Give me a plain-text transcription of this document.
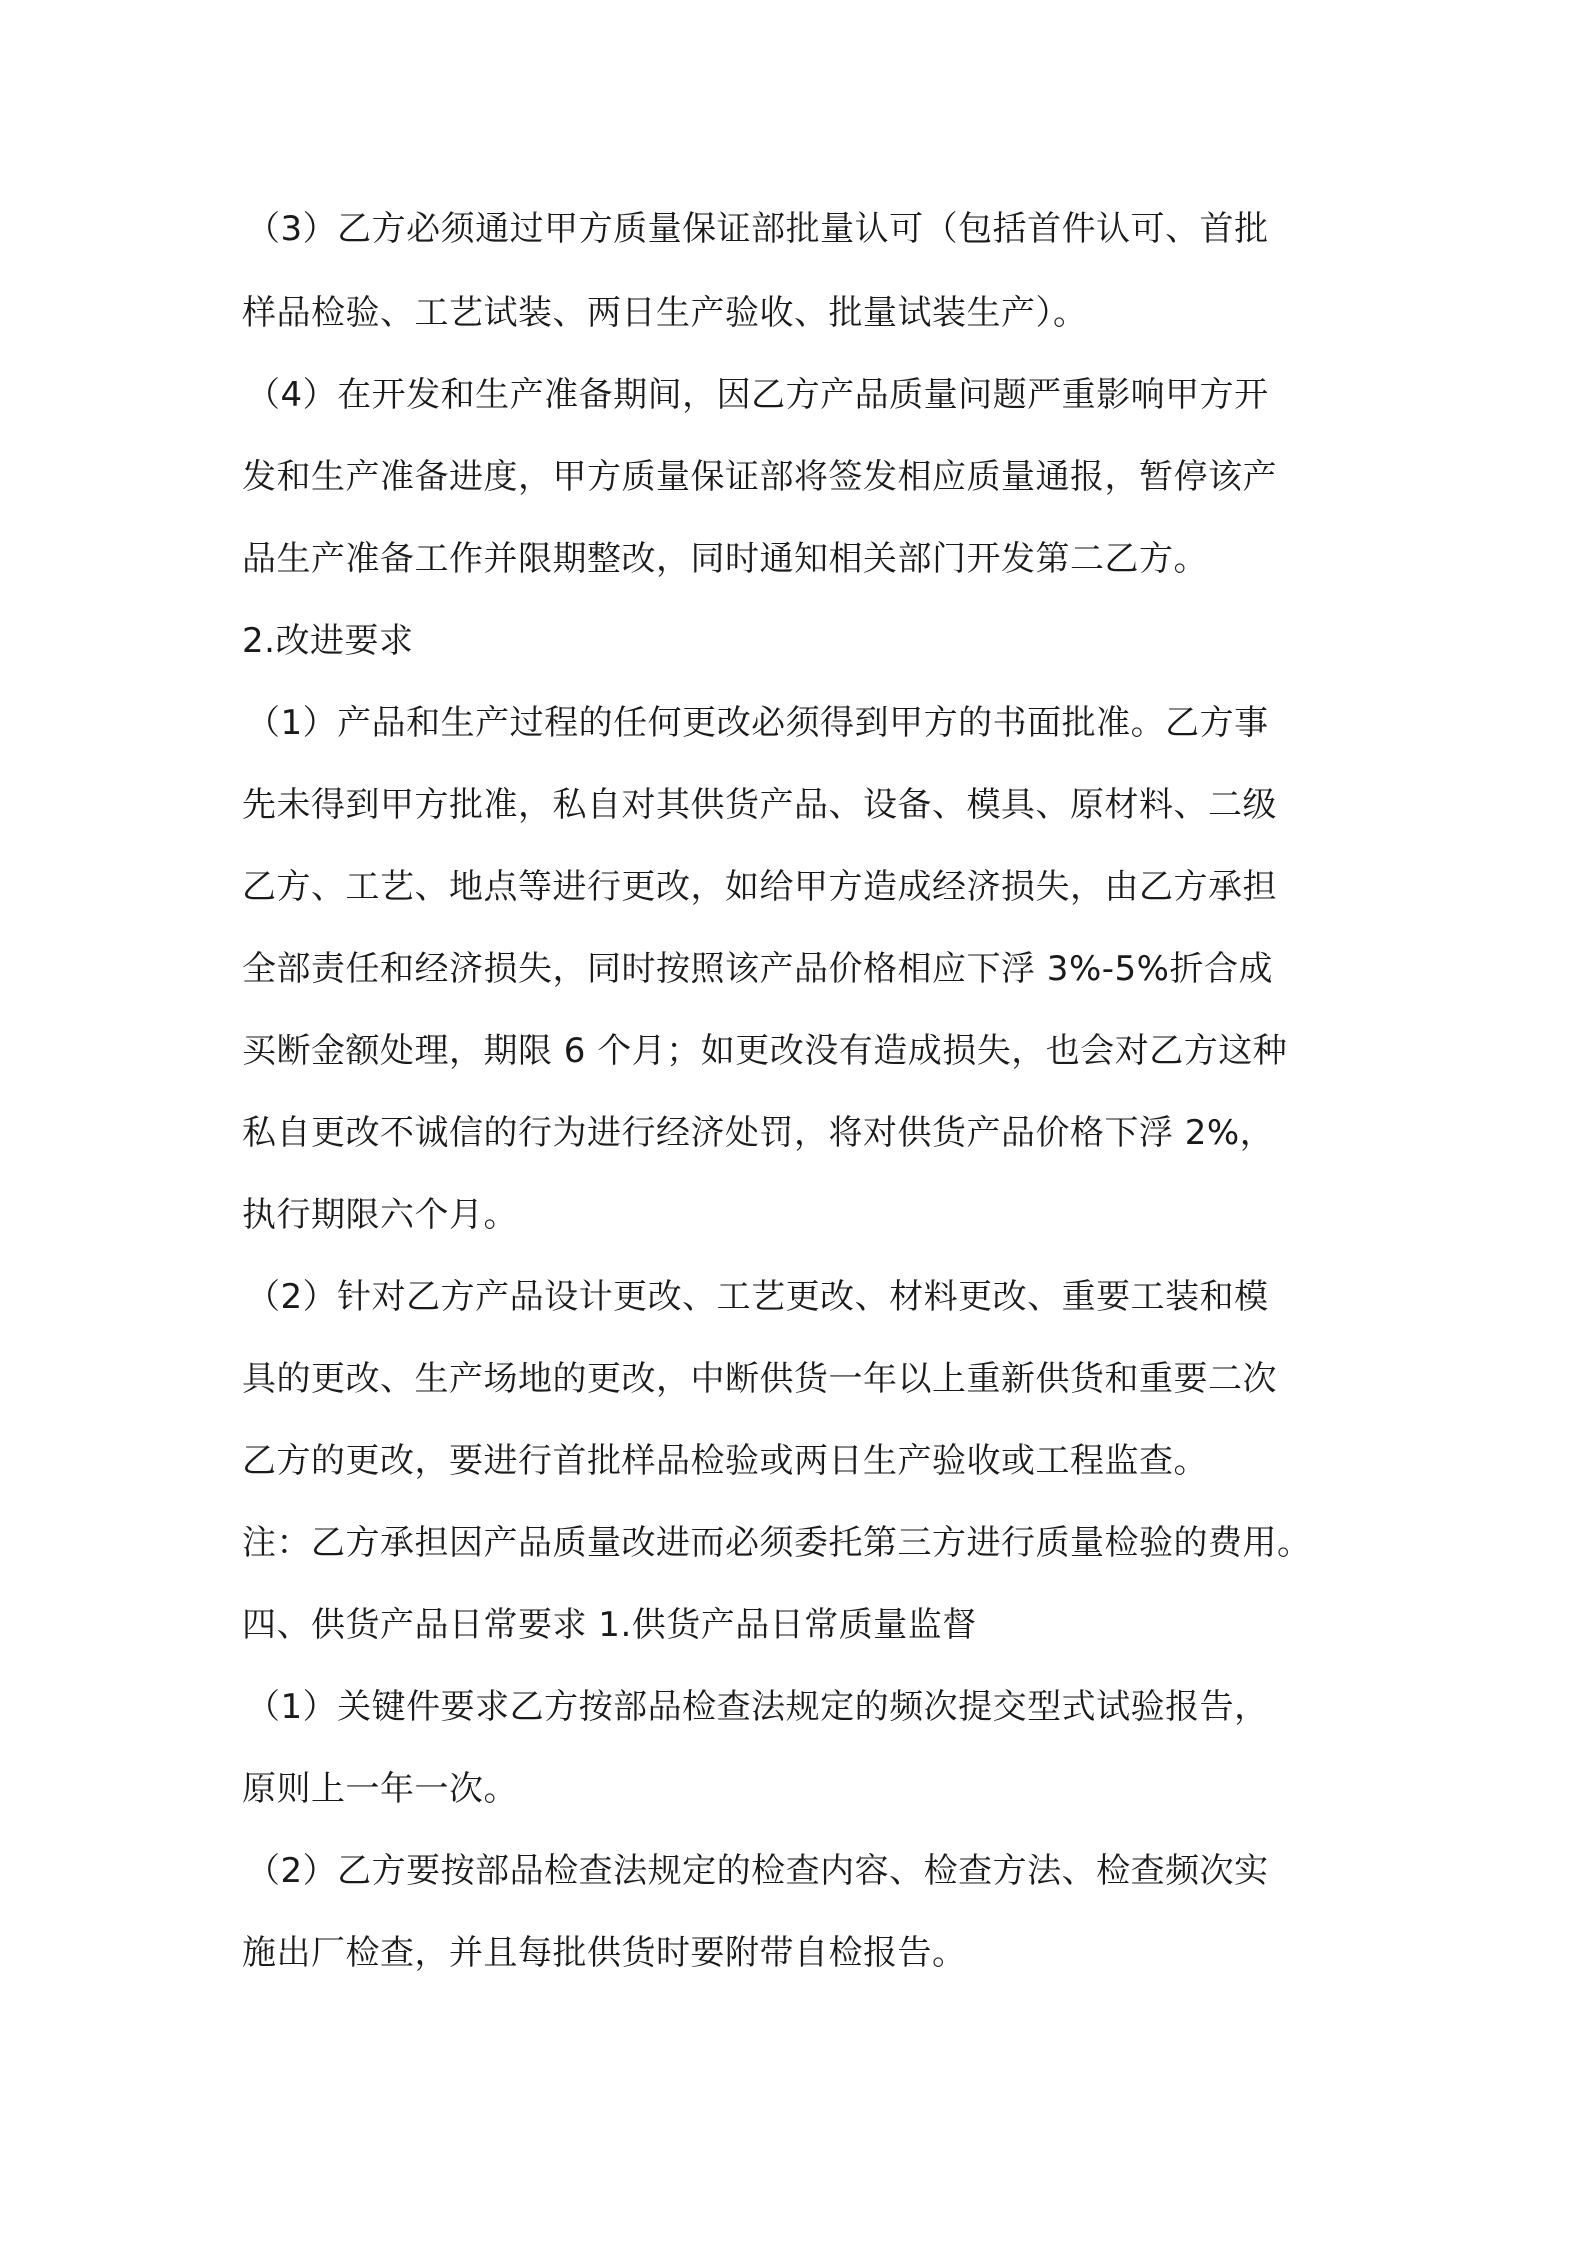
（3）乙方必须通过甲方质量保证部批量认可（包括首件认可、首批
样品检验、工艺试装、两日生产验收、批量试装生产）。
（4）在开发和生产准备期间，因乙方产品质量问题严重影响甲方开
发和生产准备进度，甲方质量保证部将签发相应质量通报，暂停该产
品生产准备工作并限期整改，同时通知相关部门开发第二乙方。
2.改进要求
（1）产品和生产过程的任何更改必须得到甲方的书面批准。乙方事
先未得到甲方批准，私自对其供货产品、设备、模具、原材料、二级
乙方、工艺、地点等进行更改，如给甲方造成经济损失，由乙方承担
全部责任和经济损失，同时按照该产品价格相应下浮 3%-5%折合成
买断金额处理，期限 6 个月；如更改没有造成损失，也会对乙方这种
私自更改不诚信的行为进行经济处罚，将对供货产品价格下浮 2%，
执行期限六个月。
（2）针对乙方产品设计更改、工艺更改、材料更改、重要工装和模
具的更改、生产场地的更改，中断供货一年以上重新供货和重要二次
乙方的更改，要进行首批样品检验或两日生产验收或工程监查。
注：乙方承担因产品质量改进而必须委托第三方进行质量检验的费用。
四、供货产品日常要求 1.供货产品日常质量监督
（1）关键件要求乙方按部品检查法规定的频次提交型式试验报告，
原则上一年一次。
（2）乙方要按部品检查法规定的检查内容、检查方法、检查频次实
施出厂检查，并且每批供货时要附带自检报告。
